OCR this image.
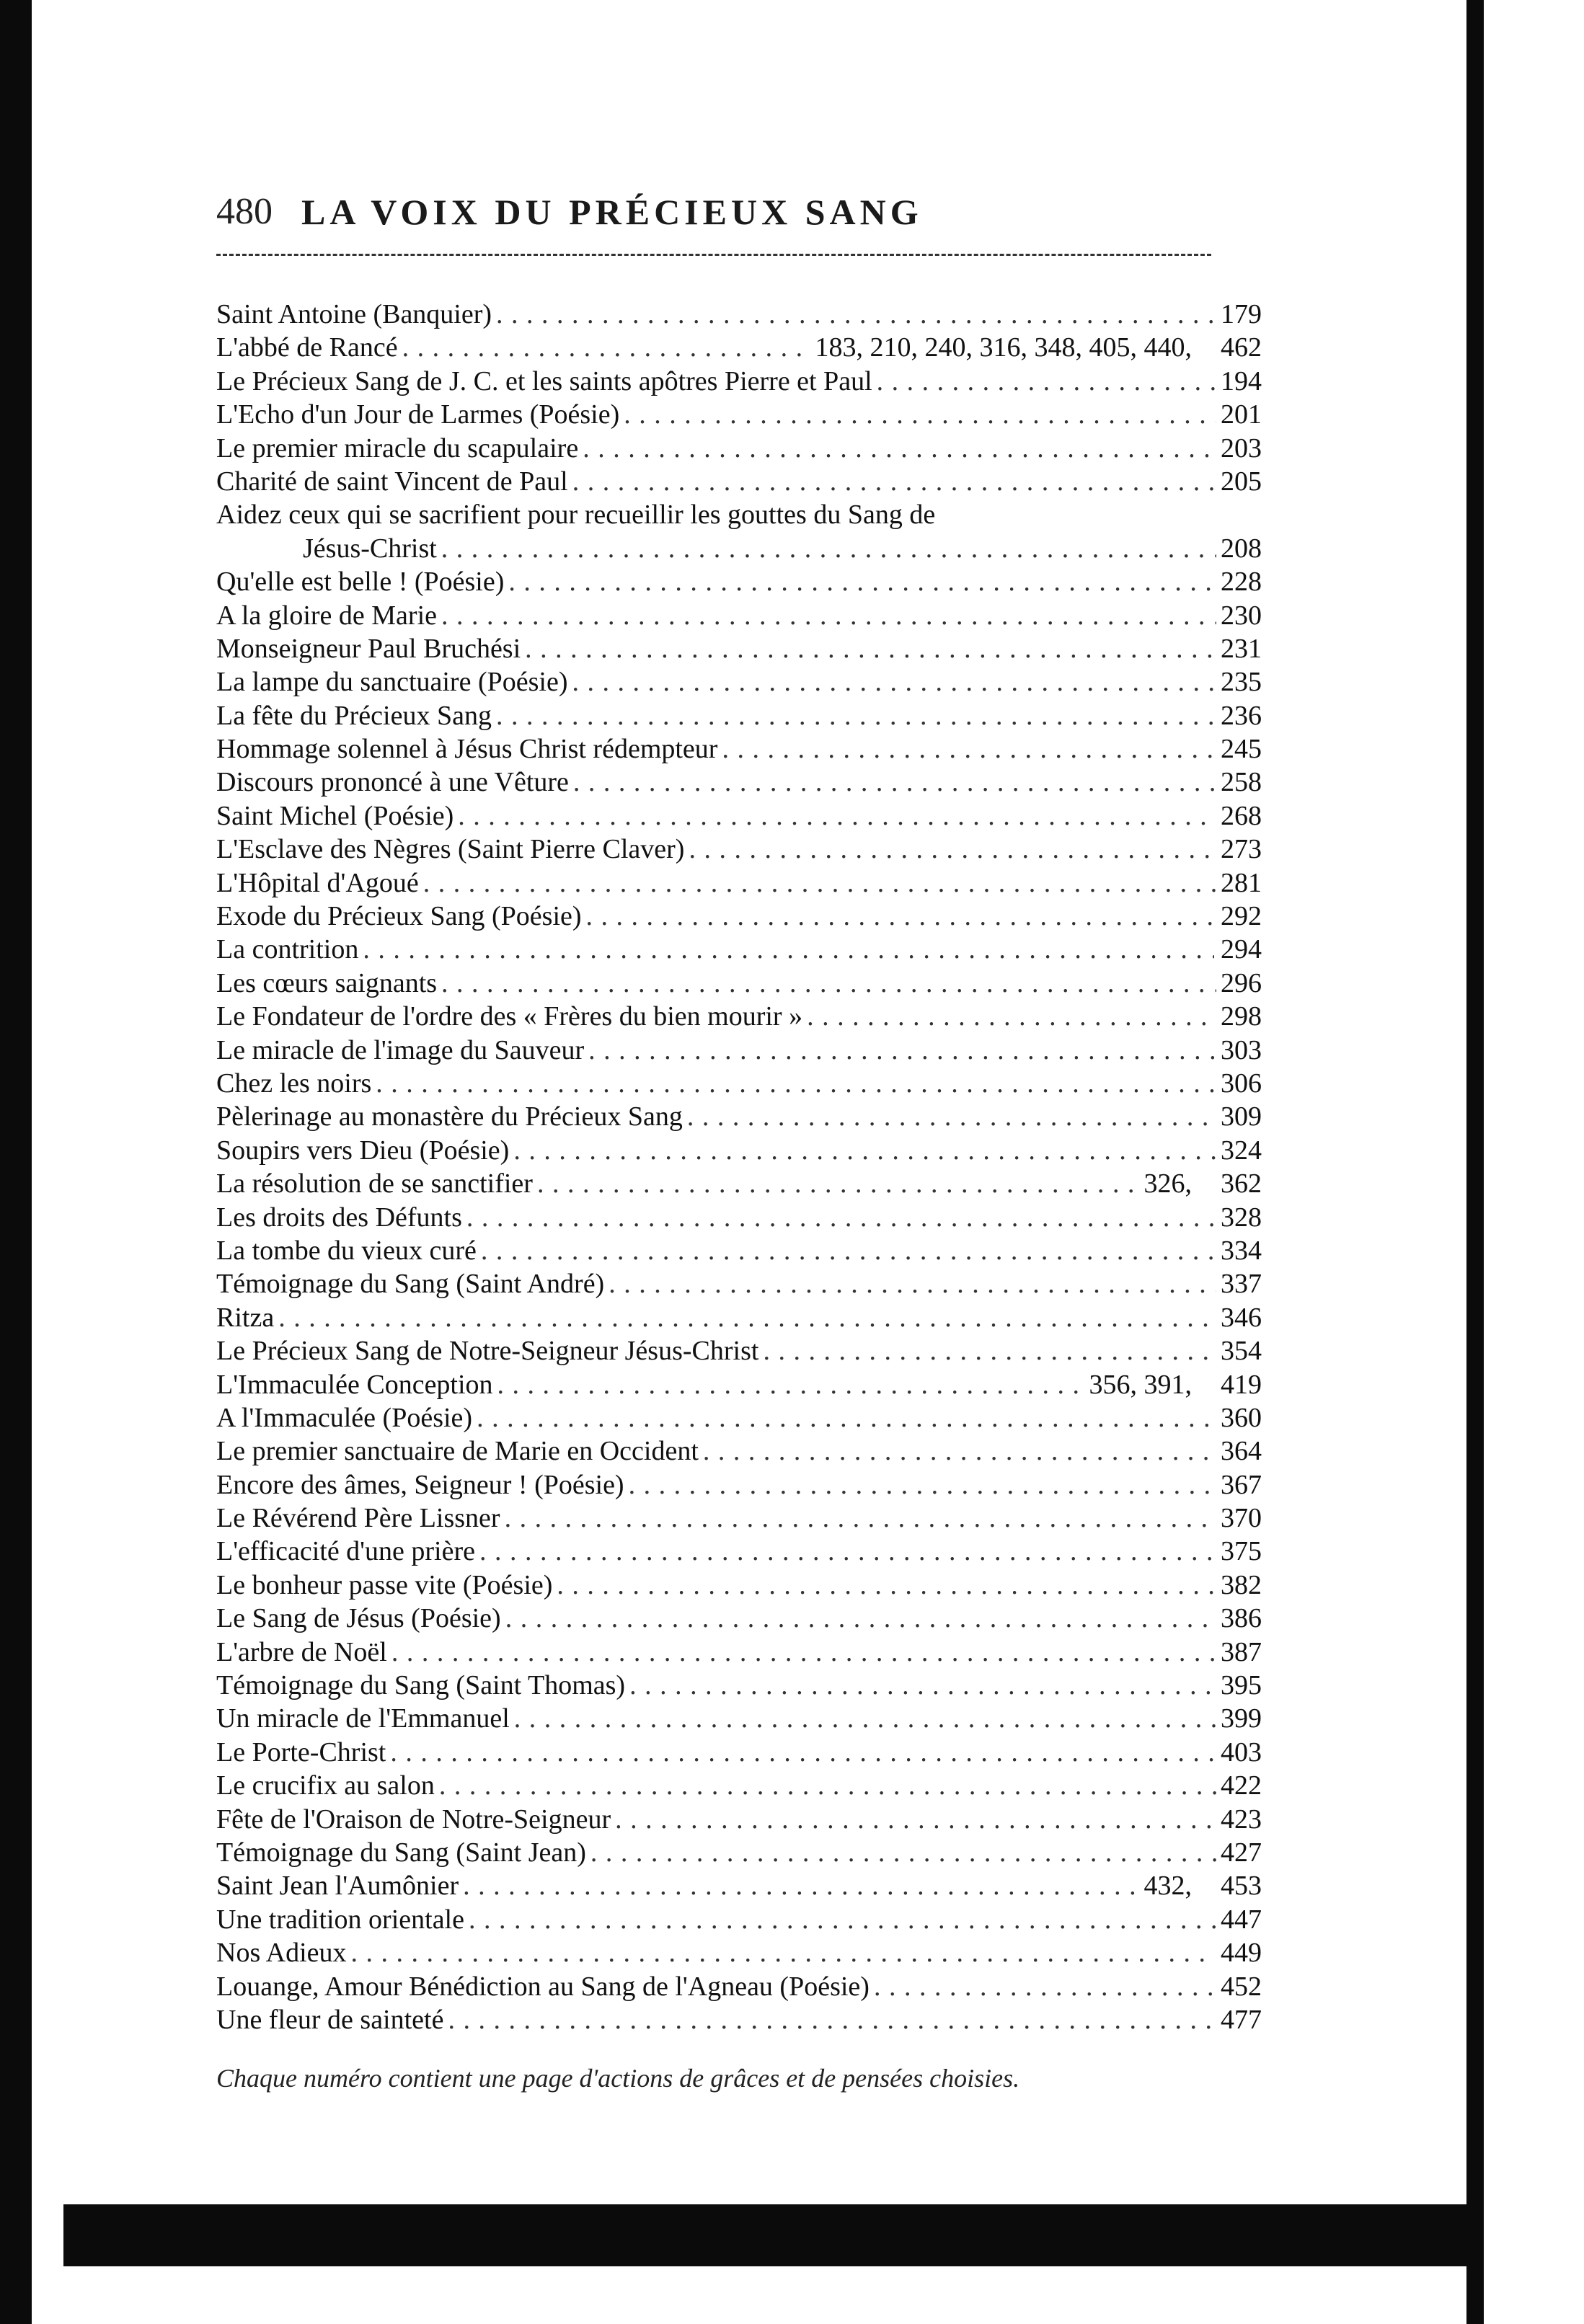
480 LA VOIX DU PRÉCIEUX SANG
Saint Antoine (Banquier) . . .	179
L'abbé de Rancé . . .	183, 210, 240, 316, 348, 405, 440, 462
Le Précieux Sang de J. C. et les saints apôtres Pierre et Paul . . .	194
L'Echo d'un Jour de Larmes (Poésie) . . .	201
Le premier miracle du scapulaire . . .	203
Charité de saint Vincent de Paul . . .	205
Aidez ceux qui se sacrifient pour recueillir les gouttes du Sang de
Jésus-Christ . . .	208
Qu'elle est belle ! (Poésie) . . .	228
A la gloire de Marie . . .	230
Monseigneur Paul Bruchési . . .	231
La lampe du sanctuaire (Poésie) . . .	235
La fête du Précieux Sang . . .	236
Hommage solennel à Jésus Christ rédempteur . . .	245
Discours prononcé à une Vêture . . .	258
Saint Michel (Poésie) . . .	268
L'Esclave des Nègres (Saint Pierre Claver) . . .	273
L'Hôpital d'Agoué . . .	281
Exode du Précieux Sang (Poésie) . . .	292
La contrition . . .	294
Les cœurs saignants . . .	296
Le Fondateur de l'ordre des « Frères du bien mourir » . . .	298
Le miracle de l'image du Sauveur . . .	303
Chez les noirs . . .	306
Pèlerinage au monastère du Précieux Sang . . .	309
Soupirs vers Dieu (Poésie) . . .	324
La résolution de se sanctifier . . .	326, 362
Les droits des Défunts . . .	328
La tombe du vieux curé . . .	334
Témoignage du Sang (Saint André) . . .	337
Ritza . . .	346
Le Précieux Sang de Notre-Seigneur Jésus-Christ . . .	354
L'Immaculée Conception . . .	356, 391, 419
A l'Immaculée (Poésie) . . .	360
Le premier sanctuaire de Marie en Occident . . .	364
Encore des âmes, Seigneur ! (Poésie) . . .	367
Le Révérend Père Lissner . . .	370
L'efficacité d'une prière . . .	375
Le bonheur passe vite (Poésie) . . .	382
Le Sang de Jésus (Poésie) . . .	386
L'arbre de Noël . . .	387
Témoignage du Sang (Saint Thomas) . . .	395
Un miracle de l'Emmanuel . . .	399
Le Porte-Christ . . .	403
Le crucifix au salon . . .	422
Fête de l'Oraison de Notre-Seigneur . . .	423
Témoignage du Sang (Saint Jean) . . .	427
Saint Jean l'Aumônier . . .	432, 453
Une tradition orientale . . .	447
Nos Adieux . . .	449
Louange, Amour Bénédiction au Sang de l'Agneau (Poésie) . . .	452
Une fleur de sainteté . . .	477
Chaque numéro contient une page d'actions de grâces et de pensées choisies.
